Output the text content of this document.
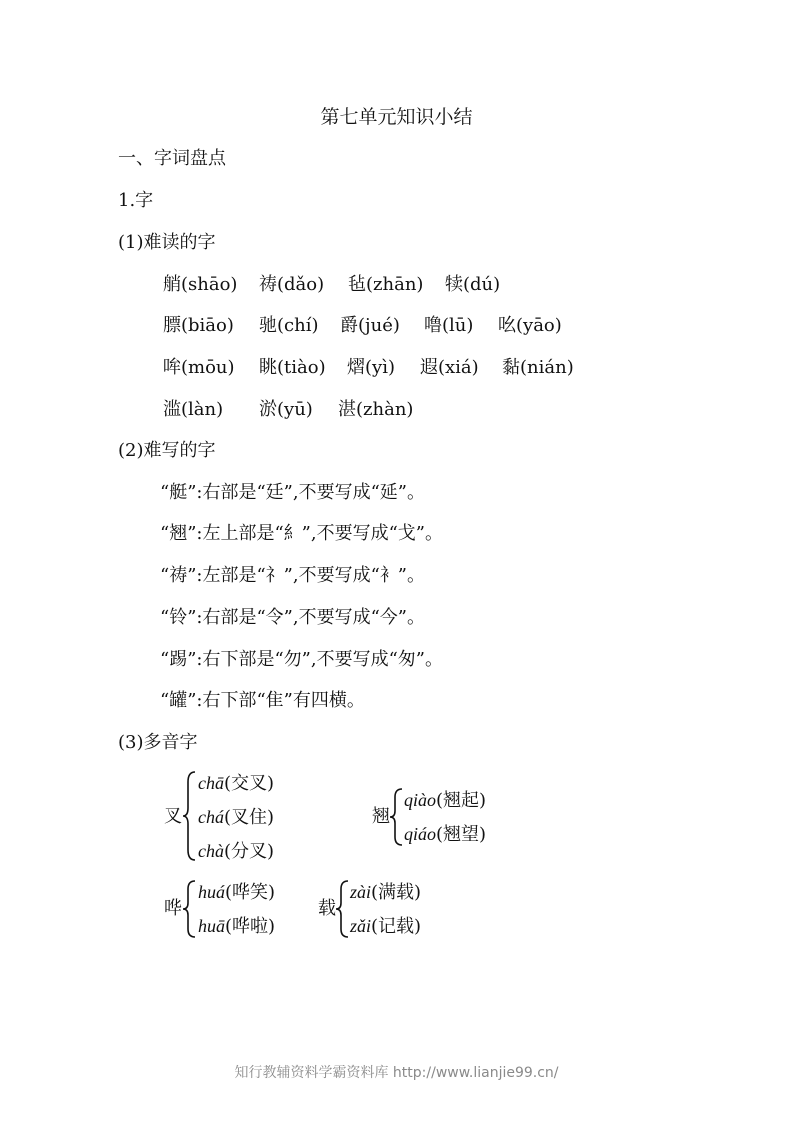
第七单元知识小结
一、字词盘点
1.字
(1)难读的字
艄(shāo) 祷(dǎo) 毡(zhān) 犊(dú)
膘(biāo) 驰(chí) 爵(jué) 噜(lū) 吆(yāo)
哞(mōu) 眺(tiào) 熠(yì) 遐(xiá) 黏(nián)
滥(làn) 淤(yū) 湛(zhàn)
(2)难写的字
“艇”:右部是“廷”,不要写成“延”。
“翘”:左上部是“⺯”,不要写成“戈”。
“祷”:左部是“礻”,不要写成“衤”。
“铃”:右部是“令”,不要写成“今”。
“踢”:右下部是“勿”,不要写成“匆”。
“罐”:右下部“隹”有四横。
(3)多音字
叉
chā(交叉)
chá(叉住)
chà(分叉)
翘
qiào(翘起)
qiáo(翘望)
哗
huá(哗笑)
huā(哗啦)
载
zài(满载)
zǎi(记载)
知行教辅资料学霸资料库 http://www.lianjie99.cn/
